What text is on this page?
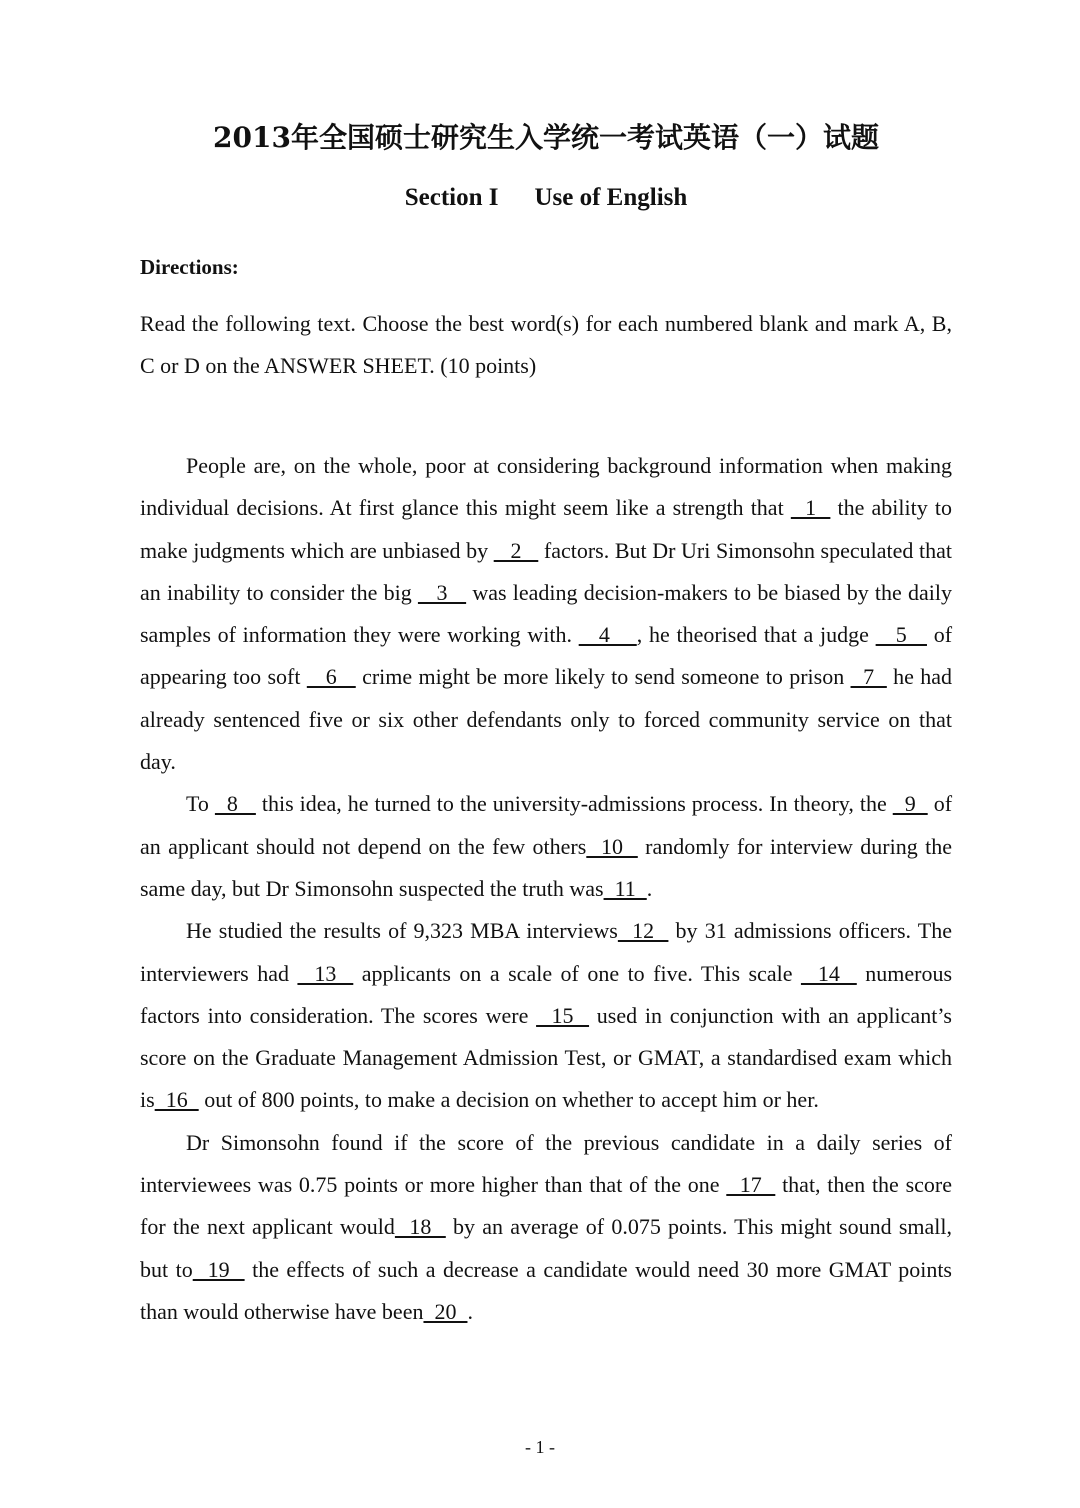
2013年全国硕士研究生入学统一考试英语（一）试题
Section I Use of English
Directions:
Read the following text. Choose the best word(s) for each numbered blank and mark A, B, C or D on the ANSWER SHEET. (10 points)

People are, on the whole, poor at considering background information when making individual decisions. At first glance this might seem like a strength that   1   the ability to make judgments which are unbiased by    2    factors. But Dr Uri Simonsohn speculated that an inability to consider the big    3    was leading decision-makers to be biased by the daily samples of information they were working with.    4    , he theorised that a judge    5    of appearing too soft    6    crime might be more likely to send someone to prison   7   he had already sentenced five or six other defendants only to forced community service on that day.

To   8    this idea, he turned to the university-admissions process. In theory, the   9   of an applicant should not depend on the few others  10   randomly for interview during the same day, but Dr Simonsohn suspected the truth was  11  .

He studied the results of 9,323 MBA interviews  12   by 31 admissions officers. The interviewers had   13   applicants on a scale of one to five. This scale   14   numerous factors into consideration. The scores were   15   used in conjunction with an applicant’s score on the Graduate Management Admission Test, or GMAT, a standardised exam which is  16   out of 800 points, to make a decision on whether to accept him or her.

Dr Simonsohn found if the score of the previous candidate in a daily series of interviewees was 0.75 points or more higher than that of the one   17   that, then the score for the next applicant would  18   by an average of 0.075 points. This might sound small, but to  19   the effects of such a decrease a candidate would need 30 more GMAT points than would otherwise have been  20  .

- 1 -
